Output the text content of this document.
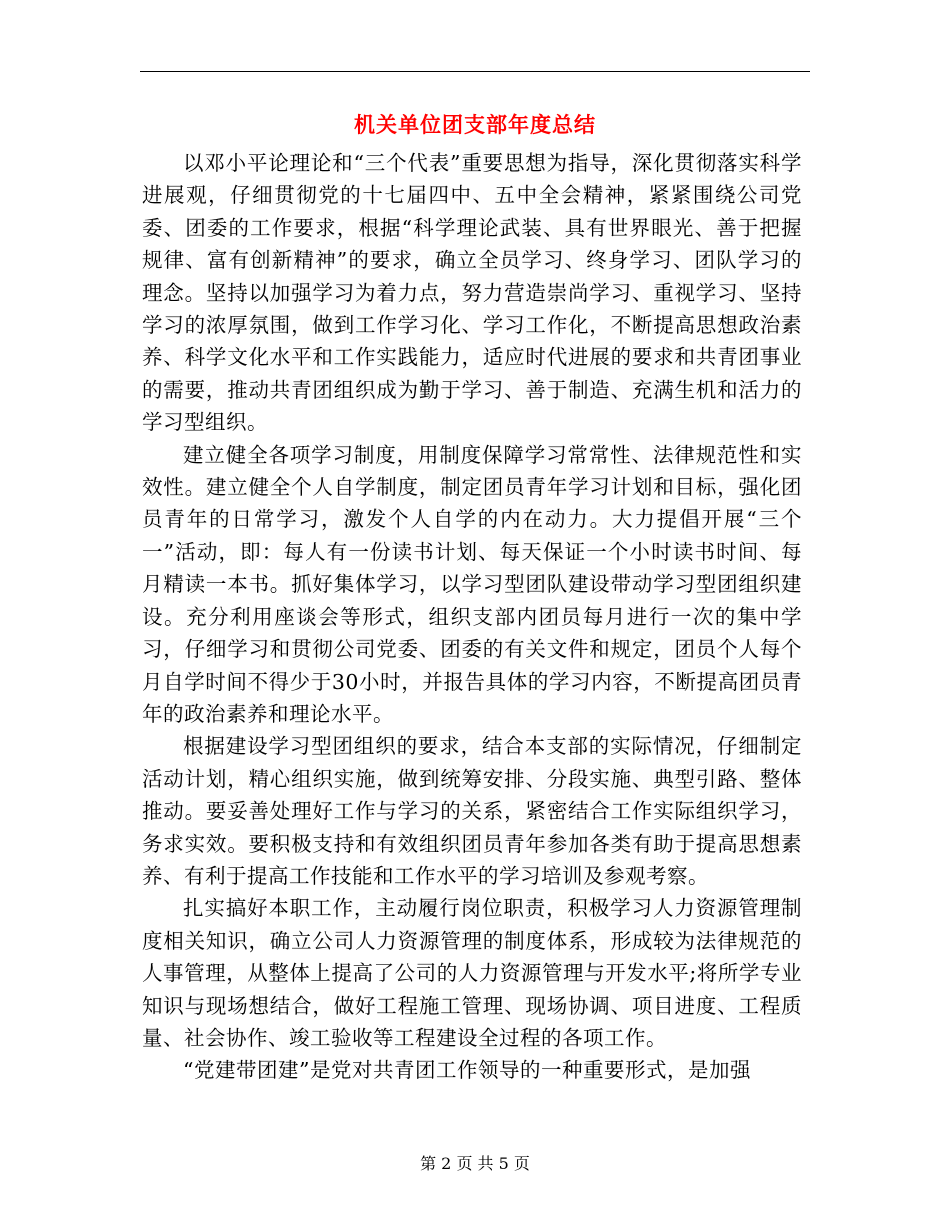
机关单位团支部年度总结

以邓小平论理论和“三个代表”重要思想为指导，深化贯彻落实科学进展观，仔细贯彻党的十七届四中、五中全会精神，紧紧围绕公司党委、团委的工作要求，根据“科学理论武装、具有世界眼光、善于把握规律、富有创新精神”的要求，确立全员学习、终身学习、团队学习的理念。坚持以加强学习为着力点，努力营造崇尚学习、重视学习、坚持学习的浓厚氛围，做到工作学习化、学习工作化，不断提高思想政治素养、科学文化水平和工作实践能力，适应时代进展的要求和共青团事业的需要，推动共青团组织成为勤于学习、善于制造、充满生机和活力的学习型组织。

建立健全各项学习制度，用制度保障学习常常性、法律规范性和实效性。建立健全个人自学制度，制定团员青年学习计划和目标，强化团员青年的日常学习，激发个人自学的内在动力。大力提倡开展“三个一”活动，即：每人有一份读书计划、每天保证一个小时读书时间、每月精读一本书。抓好集体学习，以学习型团队建设带动学习型团组织建设。充分利用座谈会等形式，组织支部内团员每月进行一次的集中学习，仔细学习和贯彻公司党委、团委的有关文件和规定，团员个人每个月自学时间不得少于30小时，并报告具体的学习内容，不断提高团员青年的政治素养和理论水平。

根据建设学习型团组织的要求，结合本支部的实际情况，仔细制定活动计划，精心组织实施，做到统筹安排、分段实施、典型引路、整体推动。要妥善处理好工作与学习的关系，紧密结合工作实际组织学习，务求实效。要积极支持和有效组织团员青年参加各类有助于提高思想素养、有利于提高工作技能和工作水平的学习培训及参观考察。

扎实搞好本职工作，主动履行岗位职责，积极学习人力资源管理制度相关知识，确立公司人力资源管理的制度体系，形成较为法律规范的人事管理，从整体上提高了公司的人力资源管理与开发水平;将所学专业知识与现场想结合，做好工程施工管理、现场协调、项目进度、工程质量、社会协作、竣工验收等工程建设全过程的各项工作。

“党建带团建”是党对共青团工作领导的一种重要形式，是加强

第 2 页 共 5 页
